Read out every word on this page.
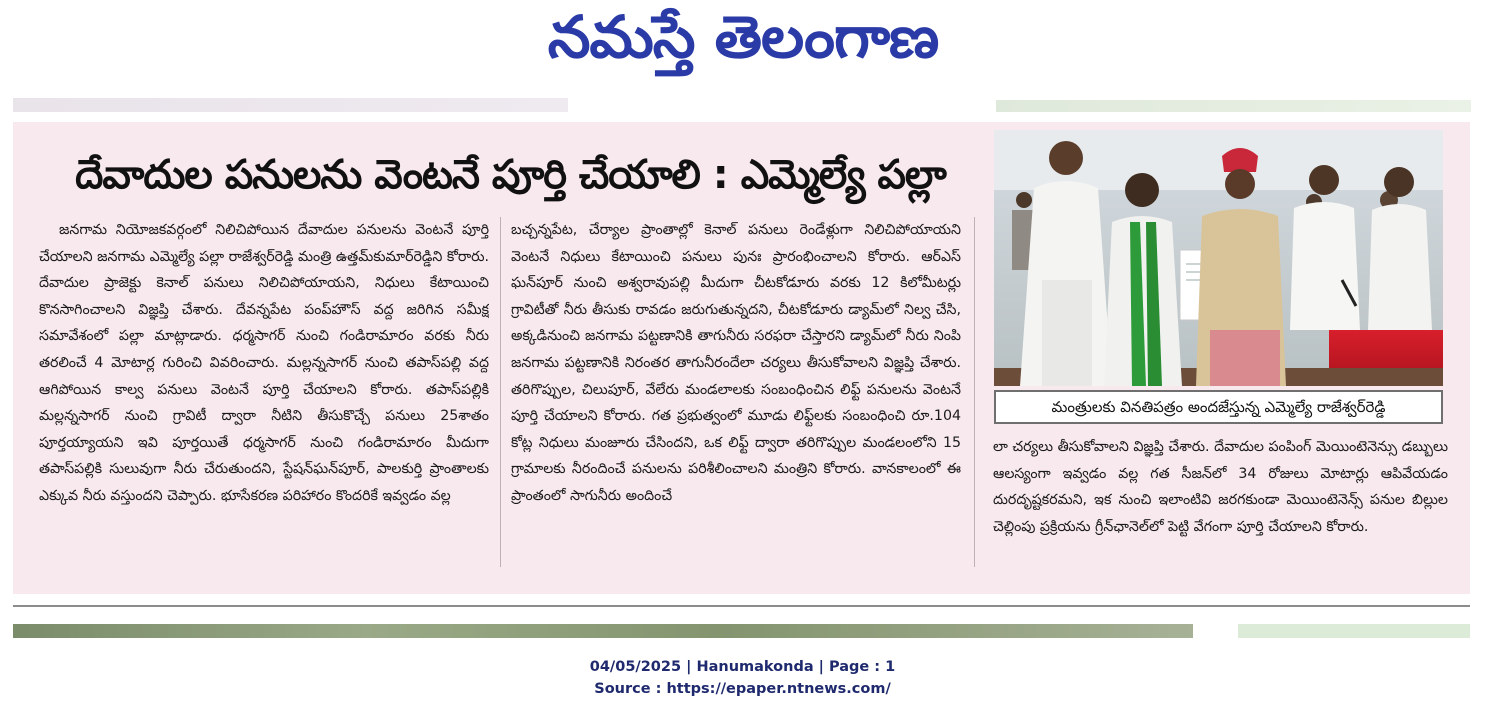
నమస్తే తెలంగాణ
దేవాదుల పనులను వెంటనే పూర్తి చేయాలి : ఎమ్మెల్యే పల్లా
జనగామ నియోజకవర్గంలో నిలిచిపోయిన దేవాదుల పనులను వెంటనే పూర్తి చేయాలని జనగామ ఎమ్మెల్యే పల్లా రాజేశ్వర్‌రెడ్డి మంత్రి ఉత్తమ్‌కుమార్‌రెడ్డిని కోరారు. దేవాదుల ప్రాజెక్టు కెనాల్ పనులు నిలిచిపోయాయని, నిధులు కేటాయించి కొనసాగించాలని విజ్ఞప్తి చేశారు. దేవన్నపేట పంప్‌హౌస్ వద్ద జరిగిన సమీక్ష సమావేశంలో పల్లా మాట్లాడారు. ధర్మసాగర్ నుంచి గండిరామారం వరకు నీరు తరలించే 4 మోటార్ల గురించి వివరించారు. మల్లన్నసాగర్ నుంచి తపాస్‌పల్లి వద్ద ఆగిపోయిన కాల్వ పనులు వెంటనే పూర్తి చేయాలని కోరారు. తపాస్‌పల్లికి మల్లన్నసాగర్ నుంచి గ్రావిటీ ద్వారా నీటిని తీసుకొచ్చే పనులు 25శాతం పూర్తయ్యాయని ఇవి పూర్తయితే ధర్మసాగర్ నుంచి గండిరామారం మీదుగా తపాస్‌పల్లికి సులువుగా నీరు చేరుతుందని, స్టేషన్‌ఘన్‌పూర్, పాలకుర్తి ప్రాంతాలకు ఎక్కువ నీరు వస్తుందని చెప్పారు. భూసేకరణ పరిహారం కొందరికే ఇవ్వడం వల్ల
బచ్చన్నపేట, చేర్యాల ప్రాంతాల్లో కెనాల్ పనులు రెండేళ్లుగా నిలిచిపోయాయని వెంటనే నిధులు కేటాయించి పనులు పునః ప్రారంభించాలని కోరారు. ఆర్‌ఎస్ ఘన్‌పూర్ నుంచి అశ్వరావుపల్లి మీదుగా చీటకోడూరు వరకు 12 కిలోమీటర్లు గ్రావిటీతో నీరు తీసుకు రావడం జరుగుతున్నదని, చీటకోడూరు డ్యామ్‌లో నిల్వ చేసి, అక్కడినుంచి జనగామ పట్టణానికి తాగునీరు సరఫరా చేస్తారని డ్యామ్‌లో నీరు నింపి జనగామ పట్టణానికి నిరంతర తాగునీరందేలా చర్యలు తీసుకోవాలని విజ్ఞప్తి చేశారు. తరిగొప్పుల, చిలుపూర్, వేలేరు మండలాలకు సంబంధించిన లిఫ్ట్ పనులను వెంటనే పూర్తి చేయాలని కోరారు. గత ప్రభుత్వంలో మూడు లిఫ్ట్‌లకు సంబంధించి రూ.104 కోట్ల నిధులు మంజూరు చేసిందని, ఒక లిఫ్ట్ ద్వారా తరిగొప్పుల మండలంలోని 15 గ్రామాలకు నీరందించే పనులను పరిశీలించాలని మంత్రిని కోరారు. వానకాలంలో ఈ ప్రాంతంలో సాగునీరు అందించే
మంత్రులకు వినతిపత్రం అందజేస్తున్న ఎమ్మెల్యే రాజేశ్వర్‌రెడ్డి
లా చర్యలు తీసుకోవాలని విజ్ఞప్తి చేశారు. దేవాదుల పంపింగ్ మెయింటెనెన్సు డబ్బులు ఆలస్యంగా ఇవ్వడం వల్ల గత సీజన్‌లో 34 రోజులు మోటార్లు ఆపివేయడం దురదృష్టకరమని, ఇక నుంచి ఇలాంటివి జరగకుండా మెయింటెనెన్స్ పనుల బిల్లుల చెల్లింపు ప్రక్రియను గ్రీన్‌ఛానెల్‌లో పెట్టి వేగంగా పూర్తి చేయాలని కోరారు.
04/05/2025 | Hanumakonda | Page : 1
Source : https://epaper.ntnews.com/
